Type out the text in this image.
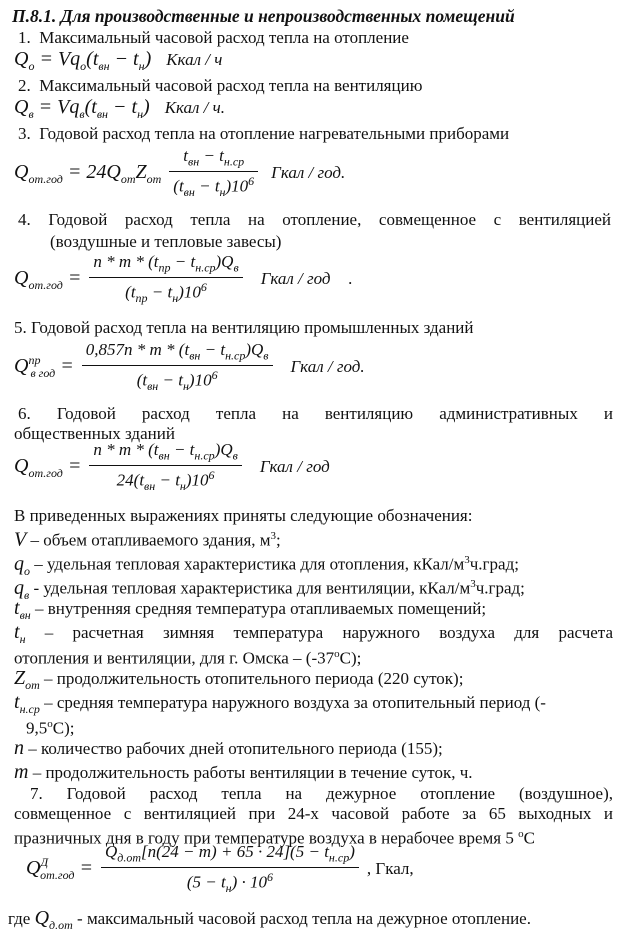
П.8.1. Для производственные и непроизводственных помещений
1. Максимальный часовой расход тепла на отопление
$Q_o = Vq_o(t_{вн} - t_н)$ Ккал / ч
2. Максимальный часовой расход тепла на вентиляцию
$Q_в = Vq_в(t_{вн} - t_н)$ Ккал / ч.
3. Годовой расход тепла на отопление нагревательными приборами
$Q_{от.год} = 24Q_{от}Z_{от} \frac{t_{вн} - t_{н.ср}}{(t_{вн} - t_н)10^6}$ Гкал / год.
4. Годовой расход тепла на отопление, совмещенное с вентиляцией
(воздушные и тепловые завесы)
$Q_{от.год} = \frac{n * m * (t_{пр} - t_{н.ср})Q_в}{(t_{пр} - t_н)10^6}$ Гкал / год .
5. Годовой расход тепла на вентиляцию промышленных зданий
$Q^{пр}_{в год} = \frac{0,857n * m * (t_{вн} - t_{н.ср})Q_в}{(t_{вн} - t_н)10^6}$ Гкал / год.
6. Годовой расход тепла на вентиляцию административных и
общественных зданий
$Q_{от.год} = \frac{n * m * (t_{вн} - t_{н.ср})Q_в}{24(t_{вн} - t_н)10^6}$ Гкал / год
В приведенных выражениях приняты следующие обозначения:
V – объем отапливаемого здания, $м^3$;
$q_о$ – удельная тепловая характеристика для отопления, кКал/$м^3ч.град$;
$q_в$ - удельная тепловая характеристика для вентиляции, кКал/$м^3ч.град$;
$t_{вн}$ – внутренняя средняя температура отапливаемых помещений;
$t_н$ – расчетная зимняя температура наружного воздуха для расчета
отопления и вентиляции, для г. Омска – $(-37^оС)$;
$Z_{от}$ – продолжительность отопительного периода (220 суток);
$t_{н.ср}$ – средняя температура наружного воздуха за отопительный период (-
$9,5^оС$);
n – количество рабочих дней отопительного периода (155);
m – продолжительность работы вентиляции в течение суток, ч.
7. Годовой расход тепла на дежурное отопление (воздушное),
совмещенное с вентиляцией при 24-х часовой работе за 65 выходных и
празничных дня в году при температуре воздуха в нерабочее время 5 $^о$С
$Q^Д_{от.год} = \frac{Q_{д.от}[n(24 - m) + 65 \cdot 24](5 - t_{н.ср})}{(5 - t_н) \cdot 10^6}$ , Гкал,
где $Q_{д.от}$ - максимальный часовой расход тепла на дежурное отопление.
